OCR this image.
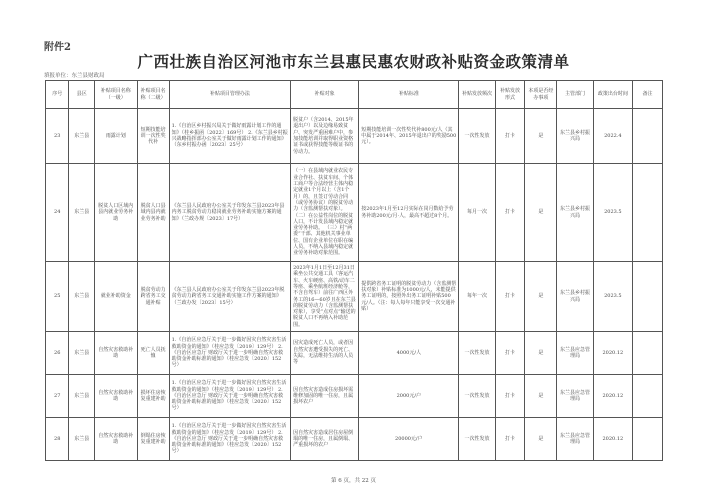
附件2
广西壮族自治区河池市东兰县惠民惠农财政补贴资金政策清单
填报单位：东兰县财政局
序号	县区	补贴项目名称（一级）	补贴项目名称（二级）	补贴项目管理办法	补贴对象	补贴标准	补贴发放频次	补贴发放形式	本项是否经办事项	主管部门	政策出台时间	备注
23	东兰县	雨露计划	短期技能培训一次性奖代补	1.《自治区乡村振兴局关于做好雨露计划工作的通知》（桂乡振函〔2022〕169号） 2.《东兰县乡村振兴战略指挥部办公室关于做好雨露计划工作的通知》（东乡村振办函〔2023〕25号）	脱贫户（含2014、2015年退出户）以及边缘易致贫户、突发严重困难户中，参加技能培训并取得职业资格证书或获得技能等级证书的劳动力。	短期技能培训一次性奖代补800元/人（其中属于2014年、2015年退出户的奖励500元）。	一次性发放	打卡	是	东兰县乡村振兴局	2022.4	
24	东兰县	脱贫人口区域内县内就业劳务补助	脱贫人口县域内县内就业劳务补助	《东兰县人民政府办公室关于印发东兰县2023年县内务工脱贫劳动力稳岗就业劳务补助实施方案的通知》（兰政办规〔2023〕17号）	（一）在县域内就业农民专业合作社、扶贫车间、个体工商户等合法经营主体内稳定就业1个月以上（含1个月）的，且签订劳动合同（或劳务协议）的脱贫劳动力（含监测帮扶对象）。 （二）在公益性岗位的脱贫人口，不计发县域内稳定就业劳务补助。 （三）村“两委”干部、其他机关事业单位、国有企业单位在职在编人员，不纳入县域内稳定就业劳务补助对象范围。	按2023年1月至12月实际在岗月数给予劳务补助200元/月·人，最高不超过8个月。	每月一次	打卡	是	东兰县乡村振兴局	2023.5	
25	东兰县	就业补助资金	脱贫劳动力跨省务工交通补贴	《东兰县人民政府办公室关于印发东兰县2023年脱贫劳动力跨省务工交通补助实施工作方案的通知》（兰政办发〔2023〕15号）	2023年1月1日至12月31日乘坐公共交通工具（客运汽车、火车硬座、高铁/动车二等座、乘坐航班经济舱等，不含自驾车）前往广西区外务工的16—60岁且在东兰县的脱贫劳动力（含监测帮扶对象），享受“点对点”输送的脱贫人口不再纳入补助范围。	提供跨省务工证明的脱贫劳动力（含监测帮扶对象）补贴标准为1000元/人，未能提供务工证明的，按照外出务工证明补贴500元/人。（注：每人每年只能享受一次交通补贴）	每年一次	打卡	是	东兰县乡村振兴局	2023.5	
26	东兰县	自然灾害救助补助	死亡人员抚恤	1.《自治区应急厅关于进一步做好因灾自然灾害生活救助资金的通知》（桂应急发〔2019〕129号） 2.《自治区应急厅 财政厅关于进一步明确自然灾害救助资金补助标准的通知》（桂应急发〔2020〕152号）	因灾造成死亡人员，或者因自然灾害遭受损失的死亡、失踪，无法维持生活的人员等	4000元/人	一次性发放	打卡	是	东兰县应急管理局	2020.12	
27	东兰县	自然灾害救助补助	损坏住房恢复重建补助	1.《自治区应急厅关于进一步做好因灾自然灾害生活救助资金的通知》（桂应急发〔2019〕129号） 2.《自治区应急厅 财政厅关于进一步明确自然灾害救助资金补助标准的通知》（桂应急发〔2020〕152号）	因自然灾害造成住房损坏需维修加固的唯一住房，且属损坏农户	2000元/户	一次性发放	打卡	是	东兰县应急管理局	2020.12	
28	东兰县	自然灾害救助补助	倒塌住房恢复重建补助	1.《自治区应急厅关于进一步做好因灾自然灾害生活救助资金的通知》（桂应急发〔2019〕129号） 2.《自治区应急厅 财政厅关于进一步明确自然灾害救助资金补助标准的通知》（桂应急发〔2020〕152号）	因自然灾害造成居住房屋倒塌的唯一住房，且属倒塌、严重损坏的农户	20000元/户	一次性发放	打卡	是	东兰县应急管理局	2020.12	
第 6 页，共 22 页
